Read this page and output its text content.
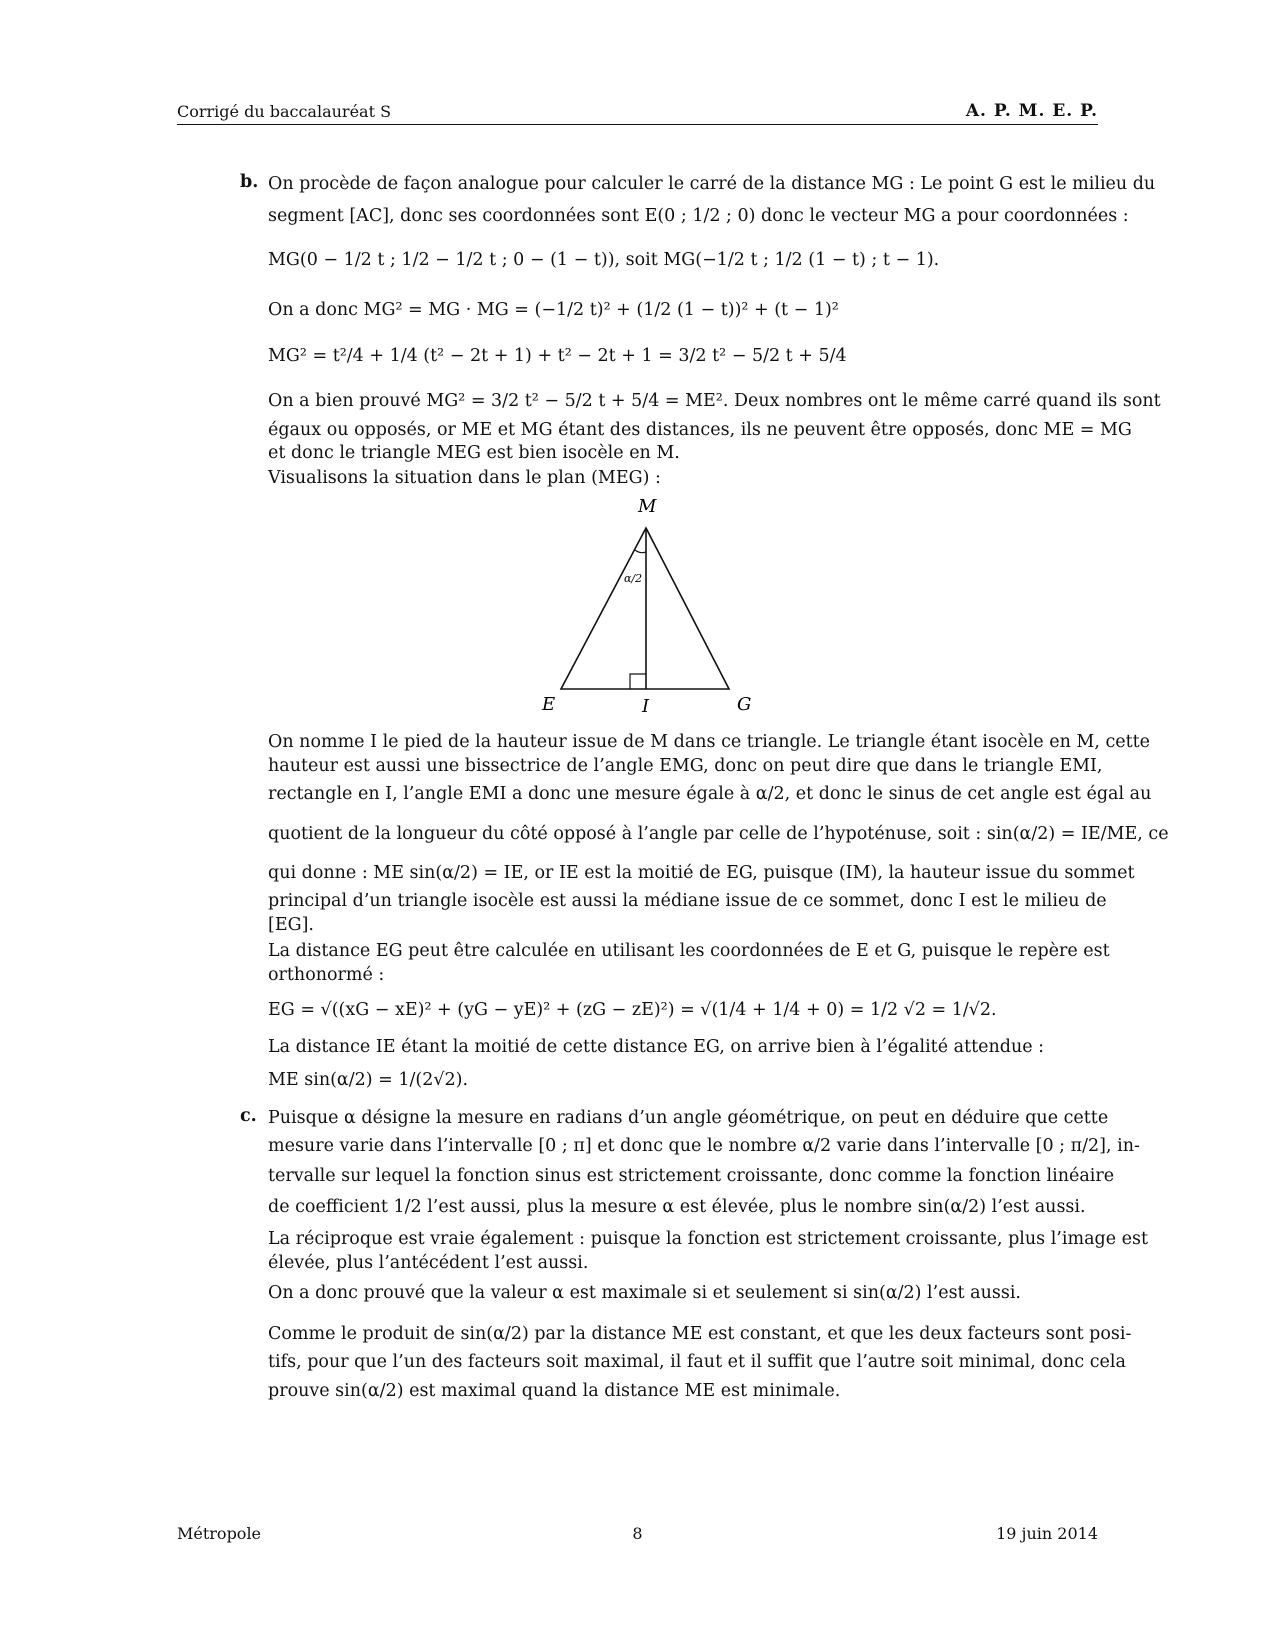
Corrigé du baccalauréat S	A. P. M. E. P.
b. On procède de façon analogue pour calculer le carré de la distance MG : Le point G est le milieu du
segment [AC], donc ses coordonnées sont E(0 ; 1/2 ; 0) donc le vecteur MG a pour coordonnées :
MG(0 − 1/2 t ; 1/2 − 1/2 t ; 0 − (1 − t)), soit MG(−1/2 t ; 1/2 (1 − t) ; t − 1).
On a donc MG² = MG · MG = (−1/2 t)² + (1/2 (1 − t))² + (t − 1)²
MG² = t²/4 + 1/4 (t² − 2t + 1) + t² − 2t + 1 = 3/2 t² − 5/2 t + 5/4
On a bien prouvé MG² = 3/2 t² − 5/2 t + 5/4 = ME². Deux nombres ont le même carré quand ils sont
égaux ou opposés, or ME et MG étant des distances, ils ne peuvent être opposés, donc ME = MG
et donc le triangle MEG est bien isocèle en M.
Visualisons la situation dans le plan (MEG) :
M
E	I	G
α/2
On nomme I le pied de la hauteur issue de M dans ce triangle. Le triangle étant isocèle en M, cette
hauteur est aussi une bissectrice de l’angle EMG, donc on peut dire que dans le triangle EMI,
rectangle en I, l’angle EMI a donc une mesure égale à α/2, et donc le sinus de cet angle est égal au
quotient de la longueur du côté opposé à l’angle par celle de l’hypoténuse, soit : sin(α/2) = IE/ME, ce
qui donne : ME sin(α/2) = IE, or IE est la moitié de EG, puisque (IM), la hauteur issue du sommet
principal d’un triangle isocèle est aussi la médiane issue de ce sommet, donc I est le milieu de
[EG].
La distance EG peut être calculée en utilisant les coordonnées de E et G, puisque le repère est
orthonormé :
EG = √((xG − xE)² + (yG − yE)² + (zG − zE)²) = √(1/4 + 1/4 + 0) = 1/2 √2 = 1/√2.
La distance IE étant la moitié de cette distance EG, on arrive bien à l’égalité attendue :
ME sin(α/2) = 1/(2√2).
c. Puisque α désigne la mesure en radians d’un angle géométrique, on peut en déduire que cette
mesure varie dans l’intervalle [0 ; π] et donc que le nombre α/2 varie dans l’intervalle [0 ; π/2], in-
tervalle sur lequel la fonction sinus est strictement croissante, donc comme la fonction linéaire
de coefficient 1/2 l’est aussi, plus la mesure α est élevée, plus le nombre sin(α/2) l’est aussi.
La réciproque est vraie également : puisque la fonction est strictement croissante, plus l’image est
élevée, plus l’antécédent l’est aussi.
On a donc prouvé que la valeur α est maximale si et seulement si sin(α/2) l’est aussi.
Comme le produit de sin(α/2) par la distance ME est constant, et que les deux facteurs sont posi-
tifs, pour que l’un des facteurs soit maximal, il faut et il suffit que l’autre soit minimal, donc cela
prouve sin(α/2) est maximal quand la distance ME est minimale.
Métropole	8	19 juin 2014
